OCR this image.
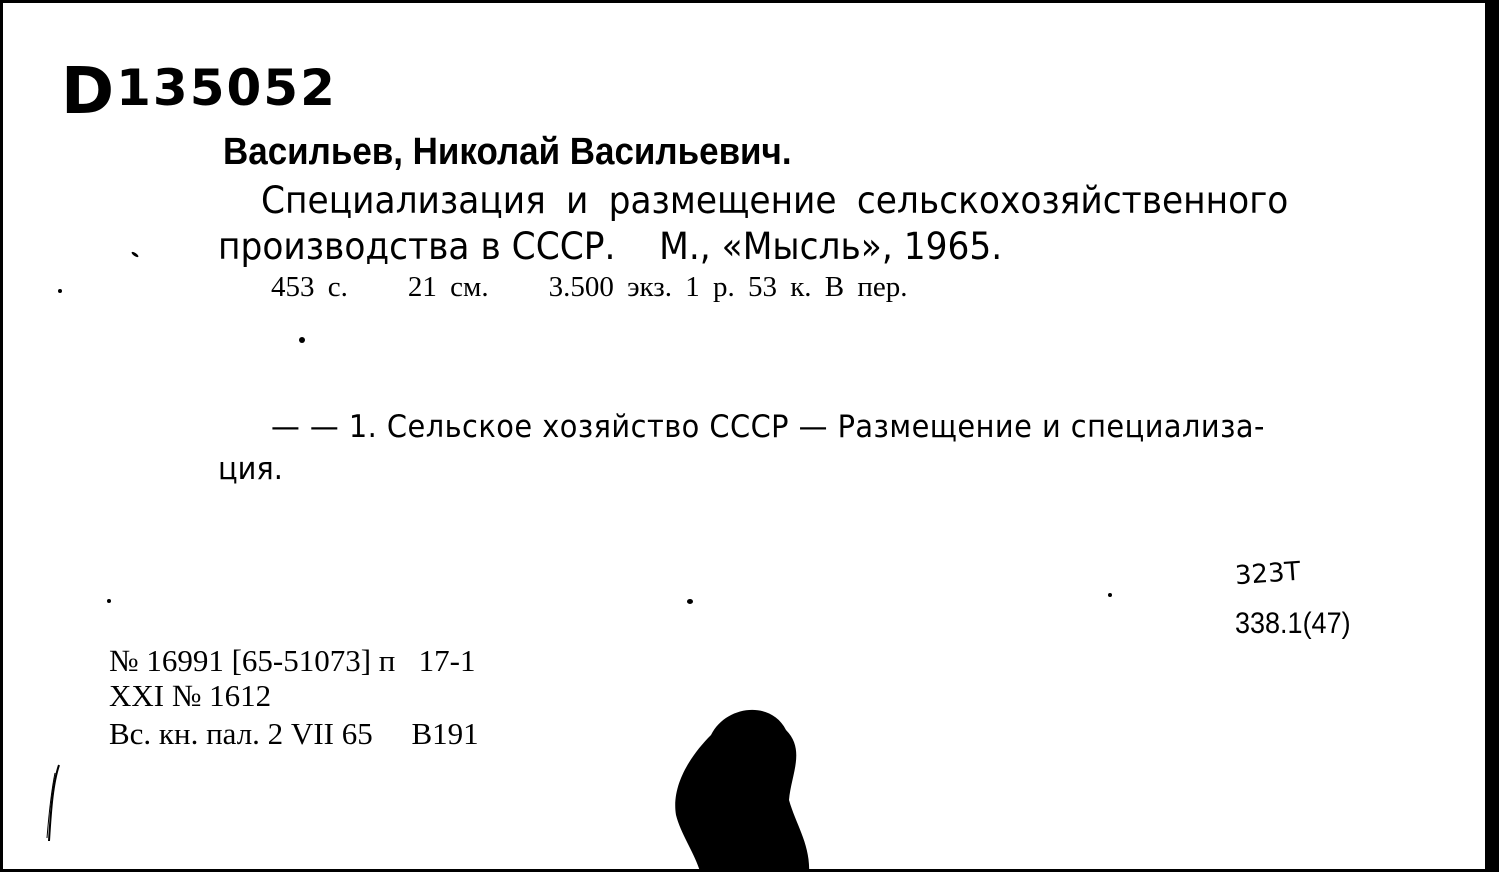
D135052
Васильев, Николай Васильевич.
Специализация и размещение сельскохозяйственного
производства в СССР.    М., «Мысль», 1965.
453 с. 21 см. 3.500 экз. 1 р. 53 к. В пер.
— — 1. Сельское хозяйство СССР — Размещение и специализа-
ция.
323Т
338.1(47)
№ 16991 [65-51073] п   17-1
XXI № 1612
Вс. кн. пал. 2 VII 65     B191
